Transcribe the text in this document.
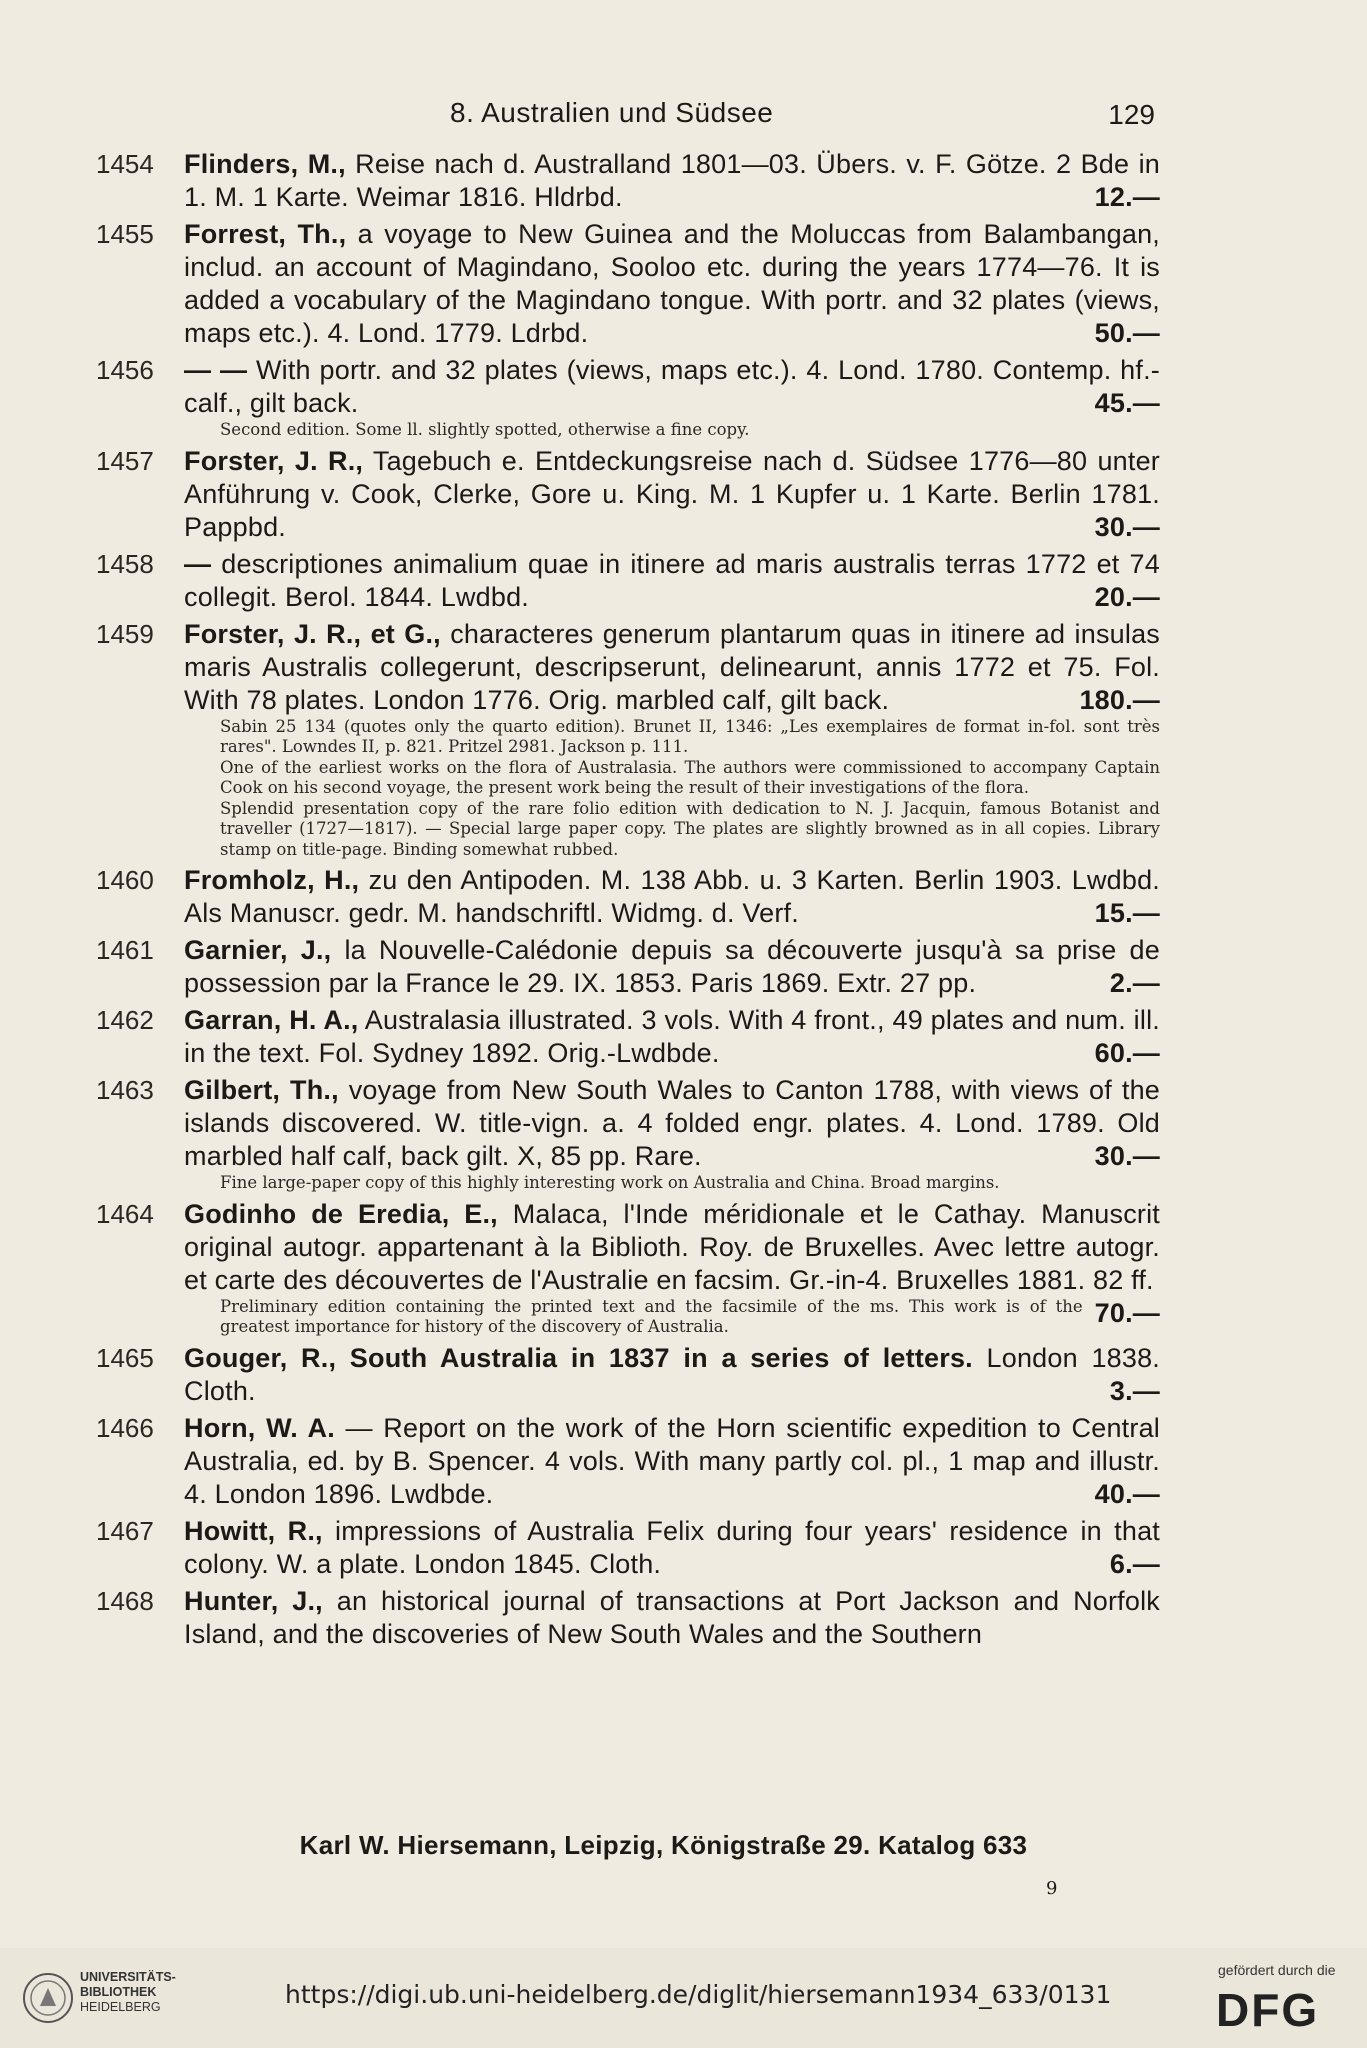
8. Australien und Südsee	129
1454 Flinders, M., Reise nach d. Australland 1801—03. Übers. v. F. Götze. 2 Bde in 1. M. 1 Karte. Weimar 1816. Hldrbd.	12.—
1455 Forrest, Th., a voyage to New Guinea and the Moluccas from Balambangan, includ. an account of Magindano, Sooloo etc. during the years 1774—76. It is added a vocabulary of the Magindano tongue. With portr. and 32 plates (views, maps etc.). 4. Lond. 1779. Ldrbd.	50.—
1456 — — With portr. and 32 plates (views, maps etc.). 4. Lond. 1780. Contemp. hf.-calf., gilt back.	45.—
Second edition. Some ll. slightly spotted, otherwise a fine copy.
1457 Forster, J. R., Tagebuch e. Entdeckungsreise nach d. Südsee 1776—80 unter Anführung v. Cook, Clerke, Gore u. King. M. 1 Kupfer u. 1 Karte. Berlin 1781. Pappbd.	30.—
1458 — descriptiones animalium quae in itinere ad maris australis terras 1772 et 74 collegit. Berol. 1844. Lwdbd.	20.—
1459 Forster, J. R., et G., characteres generum plantarum quas in itinere ad insulas maris Australis collegerunt, descripserunt, delinearunt, annis 1772 et 75. Fol. With 78 plates. London 1776. Orig. marbled calf, gilt back.	180.—
Sabin 25 134 (quotes only the quarto edition). Brunet II, 1346: „Les exemplaires de format in-fol. sont très rares". Lowndes II, p. 821. Pritzel 2981. Jackson p. 111.
One of the earliest works on the flora of Australasia. The authors were commissioned to accompany Captain Cook on his second voyage, the present work being the result of their investigations of the flora.
Splendid presentation copy of the rare folio edition with dedication to N. J. Jacquin, famous Botanist and traveller (1727—1817). — Special large paper copy. The plates are slightly browned as in all copies. Library stamp on title-page. Binding somewhat rubbed.
1460 Fromholz, H., zu den Antipoden. M. 138 Abb. u. 3 Karten. Berlin 1903. Lwdbd. Als Manuscr. gedr. M. handschriftl. Widmg. d. Verf.	15.—
1461 Garnier, J., la Nouvelle-Calédonie depuis sa découverte jusqu'à sa prise de possession par la France le 29. IX. 1853. Paris 1869. Extr. 27 pp.	2.—
1462 Garran, H. A., Australasia illustrated. 3 vols. With 4 front., 49 plates and num. ill. in the text. Fol. Sydney 1892. Orig.-Lwdbde.	60.—
1463 Gilbert, Th., voyage from New South Wales to Canton 1788, with views of the islands discovered. W. title-vign. a. 4 folded engr. plates. 4. Lond. 1789. Old marbled half calf, back gilt. X, 85 pp. Rare.	30.—
Fine large-paper copy of this highly interesting work on Australia and China. Broad margins.
1464 Godinho de Eredia, E., Malaca, l'Inde méridionale et le Cathay. Manuscrit original autogr. appartenant à la Biblioth. Roy. de Bruxelles. Avec lettre autogr. et carte des découvertes de l'Australie en facsim. Gr.-in-4. Bruxelles 1881. 82 ff.
70.—
Preliminary edition containing the printed text and the facsimile of the ms. This work is of the greatest importance for history of the discovery of Australia.
1465 Gouger, R., South Australia in 1837 in a series of letters. London 1838. Cloth.	3.—
1466 Horn, W. A. — Report on the work of the Horn scientific expedition to Central Australia, ed. by B. Spencer. 4 vols. With many partly col. pl., 1 map and illustr. 4. London 1896. Lwdbde.	40.—
1467 Howitt, R., impressions of Australia Felix during four years' residence in that colony. W. a plate. London 1845. Cloth.	6.—
1468 Hunter, J., an historical journal of transactions at Port Jackson and Norfolk Island, and the discoveries of New South Wales and the Southern
Karl W. Hiersemann, Leipzig, Königstraße 29. Katalog 633
9
UNIVERSITÄTS-
BIBLIOTHEK
HEIDELBERG	https://digi.ub.uni-heidelberg.de/diglit/hiersemann1934_633/0131
gefördert durch die
DFG
